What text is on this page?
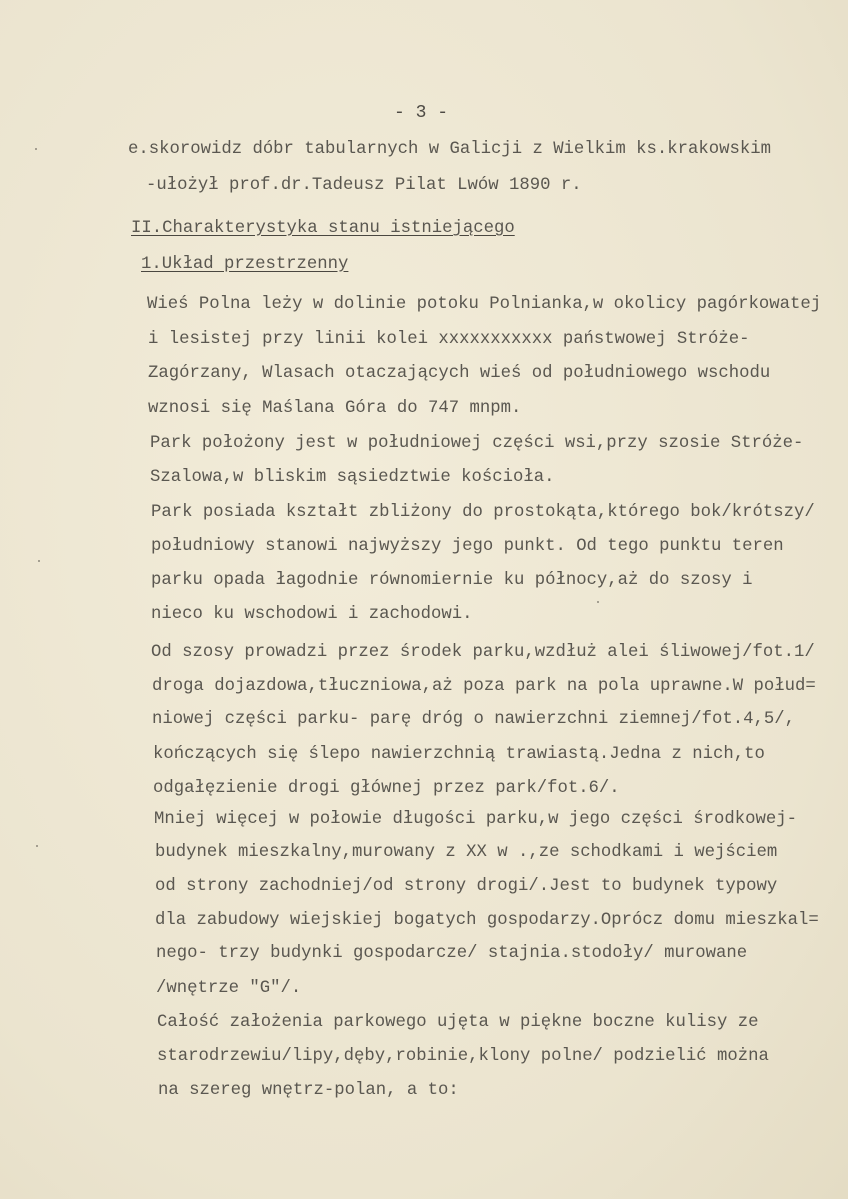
- 3 -
e.skorowidz dóbr tabularnych w Galicji z Wielkim ks.krakowskim
-ułożył prof.dr.Tadeusz Pilat Lwów 1890 r.
II.Charakterystyka stanu istniejącego
1.Układ przestrzenny
Wieś Polna leży w dolinie potoku Polnianka,w okolicy pagórkowatej
i lesistej przy linii kolei xxxxxxxxxxx państwowej Stróże-
Zagórzany, Wlasach otaczających wieś od południowego wschodu
wznosi się Maślana Góra do 747 mnpm.
Park położony jest w południowej części wsi,przy szosie Stróże-
Szalowa,w bliskim sąsiedztwie kościoła.
Park posiada kształt zbliżony do prostokąta,którego bok/krótszy/
południowy stanowi najwyższy jego punkt. Od tego punktu teren
parku opada łagodnie równomiernie ku północy,aż do szosy i
nieco ku wschodowi i zachodowi.
Od szosy prowadzi przez środek parku,wzdłuż alei śliwowej/fot.1/
droga dojazdowa,tłuczniowa,aż poza park na pola uprawne.W połud=
niowej części parku- parę dróg o nawierzchni ziemnej/fot.4,5/,
kończących się ślepo nawierzchnią trawiastą.Jedna z nich,to
odgałęzienie drogi głównej przez park/fot.6/.
Mniej więcej w połowie długości parku,w jego części środkowej-
budynek mieszkalny,murowany z XX w .,ze schodkami i wejściem
od strony zachodniej/od strony drogi/.Jest to budynek typowy
dla zabudowy wiejskiej bogatych gospodarzy.Oprócz domu mieszkal=
nego- trzy budynki gospodarcze/ stajnia.stodoły/ murowane
/wnętrze "G"/.
Całość założenia parkowego ujęta w piękne boczne kulisy ze
starodrzewiu/lipy,dęby,robinie,klony polne/ podzielić można
na szereg wnętrz-polan, a to:
